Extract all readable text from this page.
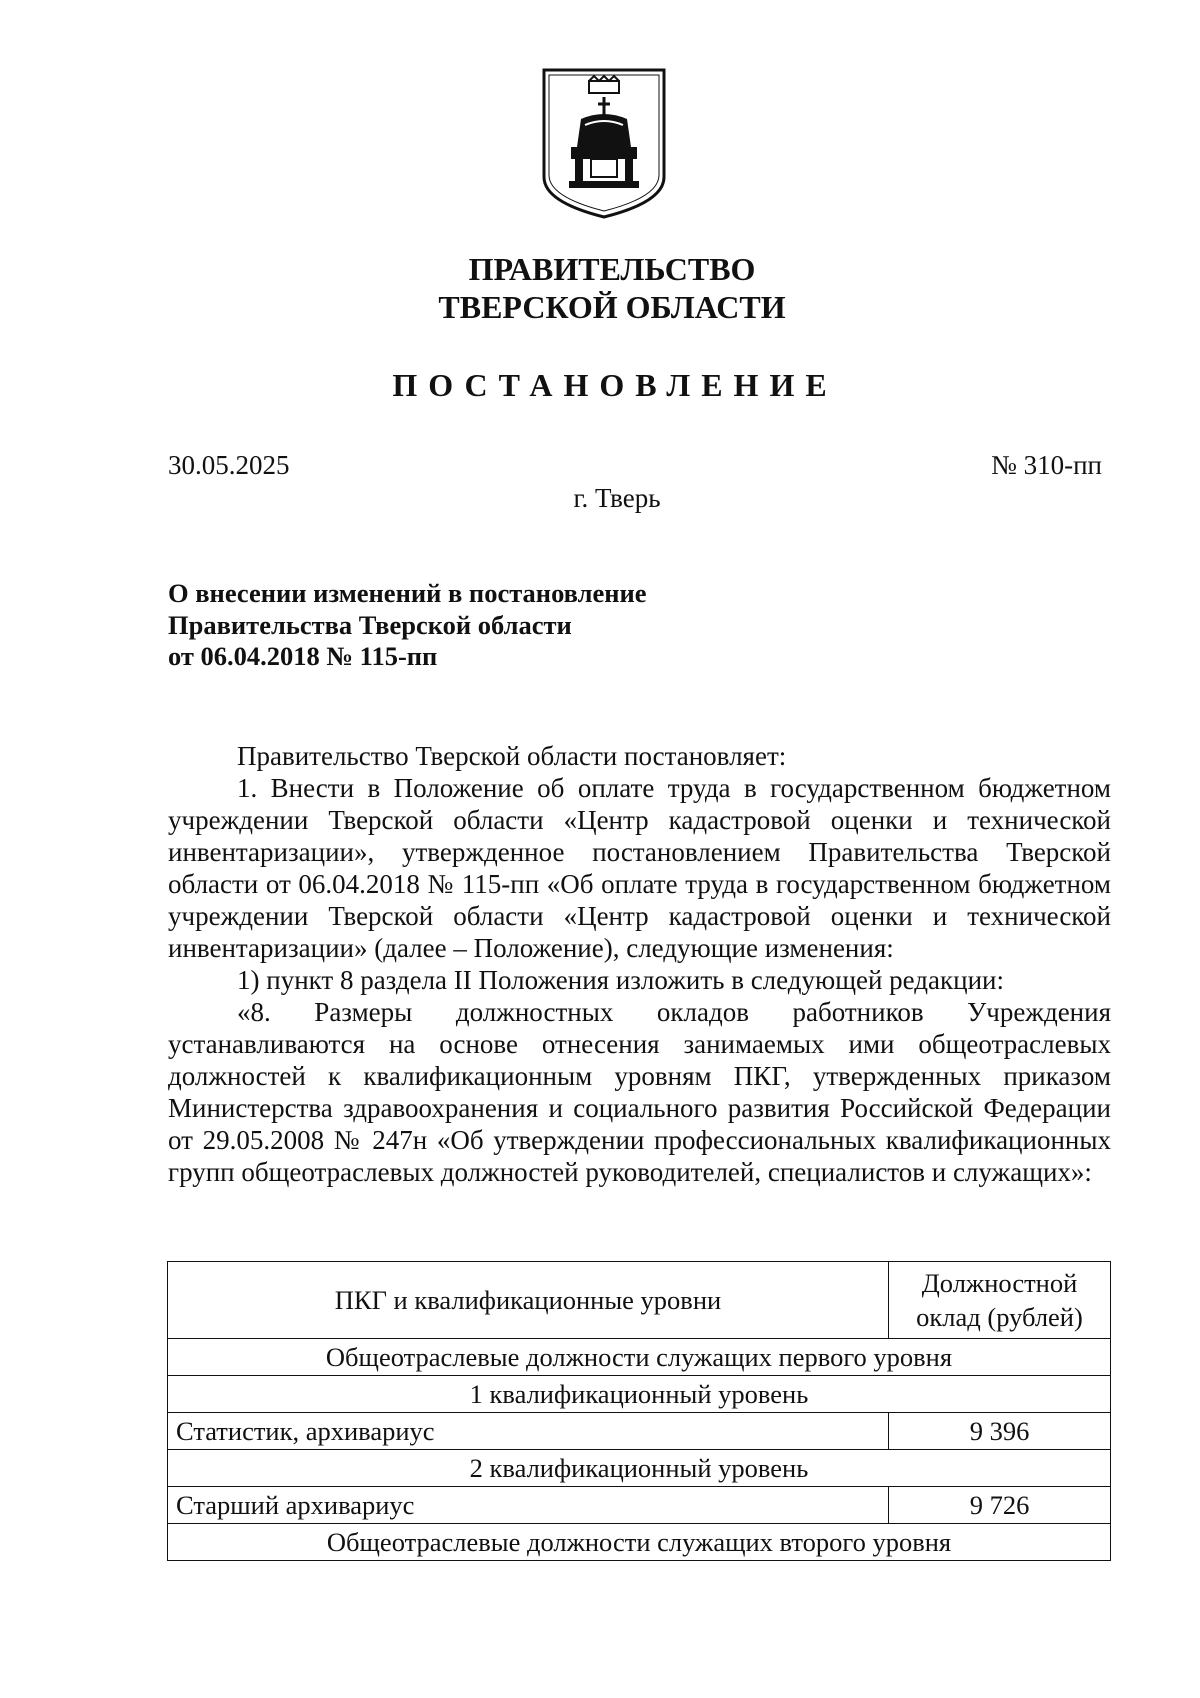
ПРАВИТЕЛЬСТВО
ТВЕРСКОЙ ОБЛАСТИ
ПОСТАНОВЛЕНИЕ
30.05.2025	№ 310-пп
г. Тверь
О внесении изменений в постановление
Правительства Тверской области
от 06.04.2018 № 115-пп

Правительство Тверской области постановляет:

1. Внести в Положение об оплате труда в государственном бюджетном учреждении Тверской области «Центр кадастровой оценки и технической инвентаризации», утвержденное постановлением Правительства Тверской области от 06.04.2018 № 115-пп «Об оплате труда в государственном бюджетном учреждении Тверской области «Центр кадастровой оценки и технической инвентаризации» (далее – Положение), следующие изменения:

1) пункт 8 раздела II Положения изложить в следующей редакции:

«8. Размеры должностных окладов работников Учреждения устанавливаются на основе отнесения занимаемых ими общеотраслевых должностей к квалификационным уровням ПКГ, утвержденных приказом Министерства здравоохранения и социального развития Российской Федерации от 29.05.2008 № 247н «Об утверждении профессиональных квалификационных групп общеотраслевых должностей руководителей, специалистов и служащих»:

ПКГ и квалификационные уровни	Должностной
оклад (рублей)

Общеотраслевые должности служащих первого уровня	
1 квалификационный уровень	
Статистик, архивариус	9 396
2 квалификационный уровень	
Старший архивариус	9 726
Общеотраслевые должности служащих второго уровня	
